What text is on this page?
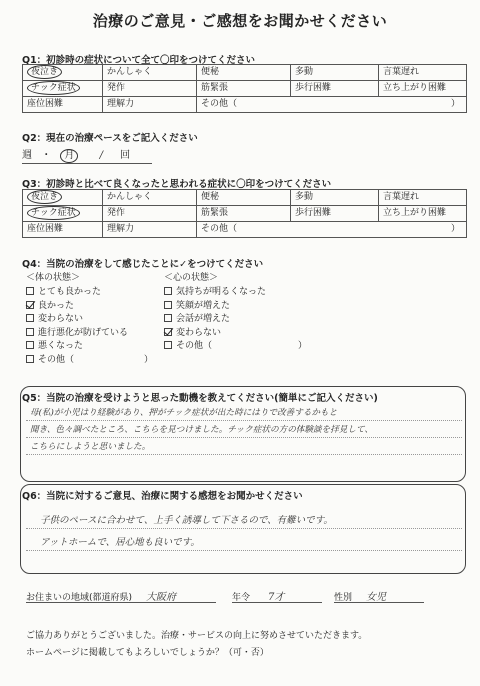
治療のご意見・ご感想をお聞かせください
Q1：初診時の症状について全て〇印をつけてください
夜泣き	かんしゃく	便秘	多動	言葉遅れ
チック症状	発作	筋緊張	歩行困難	立ち上がり困難
座位困難	理解力	その他（ ）		
Q2：現在の治療ペースをご記入ください
週 ・ 月	/ 回
Q3：初診時と比べて良くなったと思われる症状に〇印をつけてください
夜泣き	かんしゃく	便秘	多動	言葉遅れ
チック症状	発作	筋緊張	歩行困難	立ち上がり困難
座位困難	理解力	その他（ ）		
Q4：当院の治療をして感じたことに✓をつけてください
＜体の状態＞
とても良かった
良かった
変わらない
進行悪化が防げている
悪くなった
その他（	）
＜心の状態＞
気持ちが明るくなった
笑顔が増えた
会話が増えた
変わらない
その他（	）
Q5：当院の治療を受けようと思った動機を教えてください(簡単にご記入ください)
母(私)が小児はり経験があり、押がチック症状が出た時にはりで改善するかもと
聞き、色々調べたところ、こちらを見つけました。チック症状の方の体験談を拝見して、
こちらにしようと思いました。
Q6：当院に対するご意見、治療に関する感想をお聞かせください
子供のペースに合わせて、上手く誘導して下さるので、有難いです。
アットホームで、居心地も良いです。
お住まいの地域(都道府県) 大阪府	年令 7才	性別 女児
ご協力ありがとうございました。治療・サービスの向上に努めさせていただきます。
ホームページに掲載してもよろしいでしょうか？（可・否）
